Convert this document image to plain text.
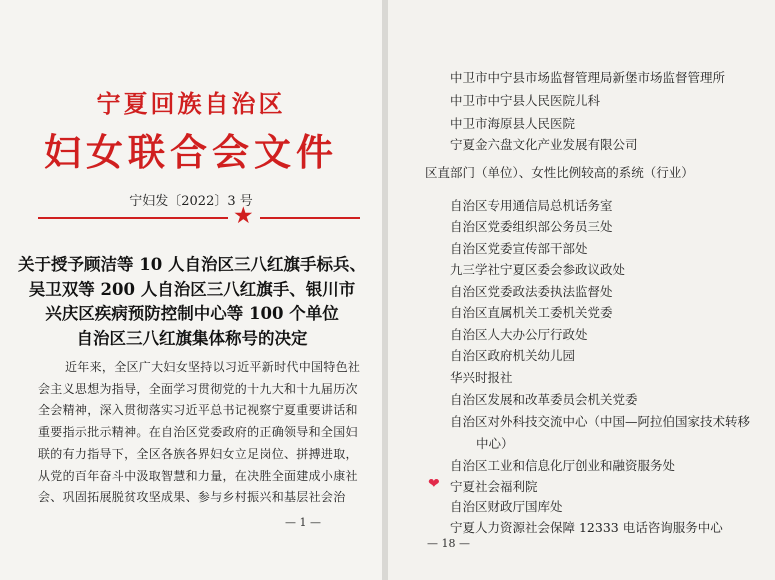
宁夏回族自治区
妇女联合会文件
宁妇发〔2022〕3 号
★
关于授予顾洁等 10 人自治区三八红旗手标兵、
吴卫双等 200 人自治区三八红旗手、银川市
兴庆区疾病预防控制中心等 100 个单位
自治区三八红旗集体称号的决定
近年来，全区广大妇女坚持以习近平新时代中国特色社
会主义思想为指导，全面学习贯彻党的十九大和十九届历次
全会精神，深入贯彻落实习近平总书记视察宁夏重要讲话和
重要指示批示精神。在自治区党委政府的正确领导和全国妇
联的有力指导下，全区各族各界妇女立足岗位、拼搏进取，
从党的百年奋斗中汲取智慧和力量，在决胜全面建成小康社
会、巩固拓展脱贫攻坚成果、参与乡村振兴和基层社会治
— 1 —
中卫市中宁县市场监督管理局新堡市场监督管理所
中卫市中宁县人民医院儿科
中卫市海原县人民医院
宁夏金六盘文化产业发展有限公司
区直部门（单位）、女性比例较高的系统（行业）
自治区专用通信局总机话务室
自治区党委组织部公务员三处
自治区党委宣传部干部处
九三学社宁夏区委会参政议政处
自治区党委政法委执法监督处
自治区直属机关工委机关党委
自治区人大办公厅行政处
自治区政府机关幼儿园
华兴时报社
自治区发展和改革委员会机关党委
自治区对外科技交流中心（中国—阿拉伯国家技术转移
中心）
自治区工业和信息化厅创业和融资服务处
宁夏社会福利院
自治区财政厅国库处
宁夏人力资源社会保障 12333 电话咨询服务中心
❤
— 18 —
